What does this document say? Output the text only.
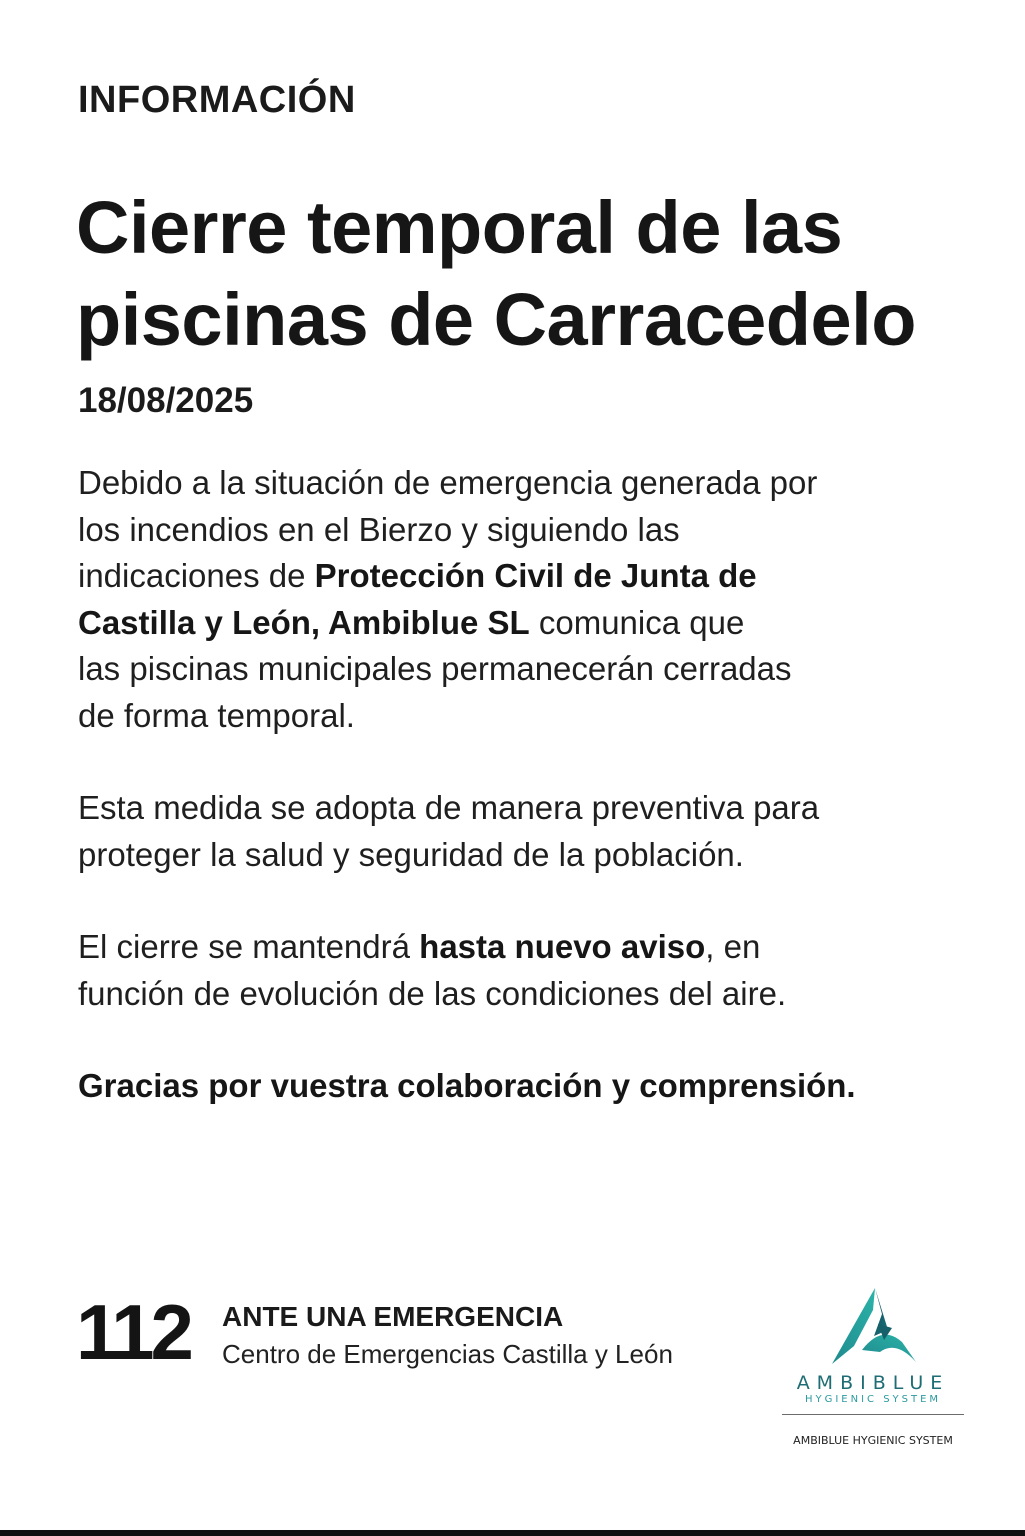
INFORMACIÓN
Cierre temporal de las
piscinas de Carracedelo
18/08/2025

Debido a la situación de emergencia generada por
los incendios en el Bierzo y siguiendo las
indicaciones de Protección Civil de Junta de
Castilla y León, Ambiblue SL comunica que
las piscinas municipales permanecerán cerradas
de forma temporal.

Esta medida se adopta de manera preventiva para
proteger la salud y seguridad de la población.

El cierre se mantendrá hasta nuevo aviso, en
función de evolución de las condiciones del aire.

Gracias por vuestra colaboración y comprensión.

112 ANTE UNA EMERGENCIA
Centro de Emergencias Castilla y León
AMBIBLUE
HYGIENIC SYSTEM
AMBIBLUE HYGIENIC SYSTEM
